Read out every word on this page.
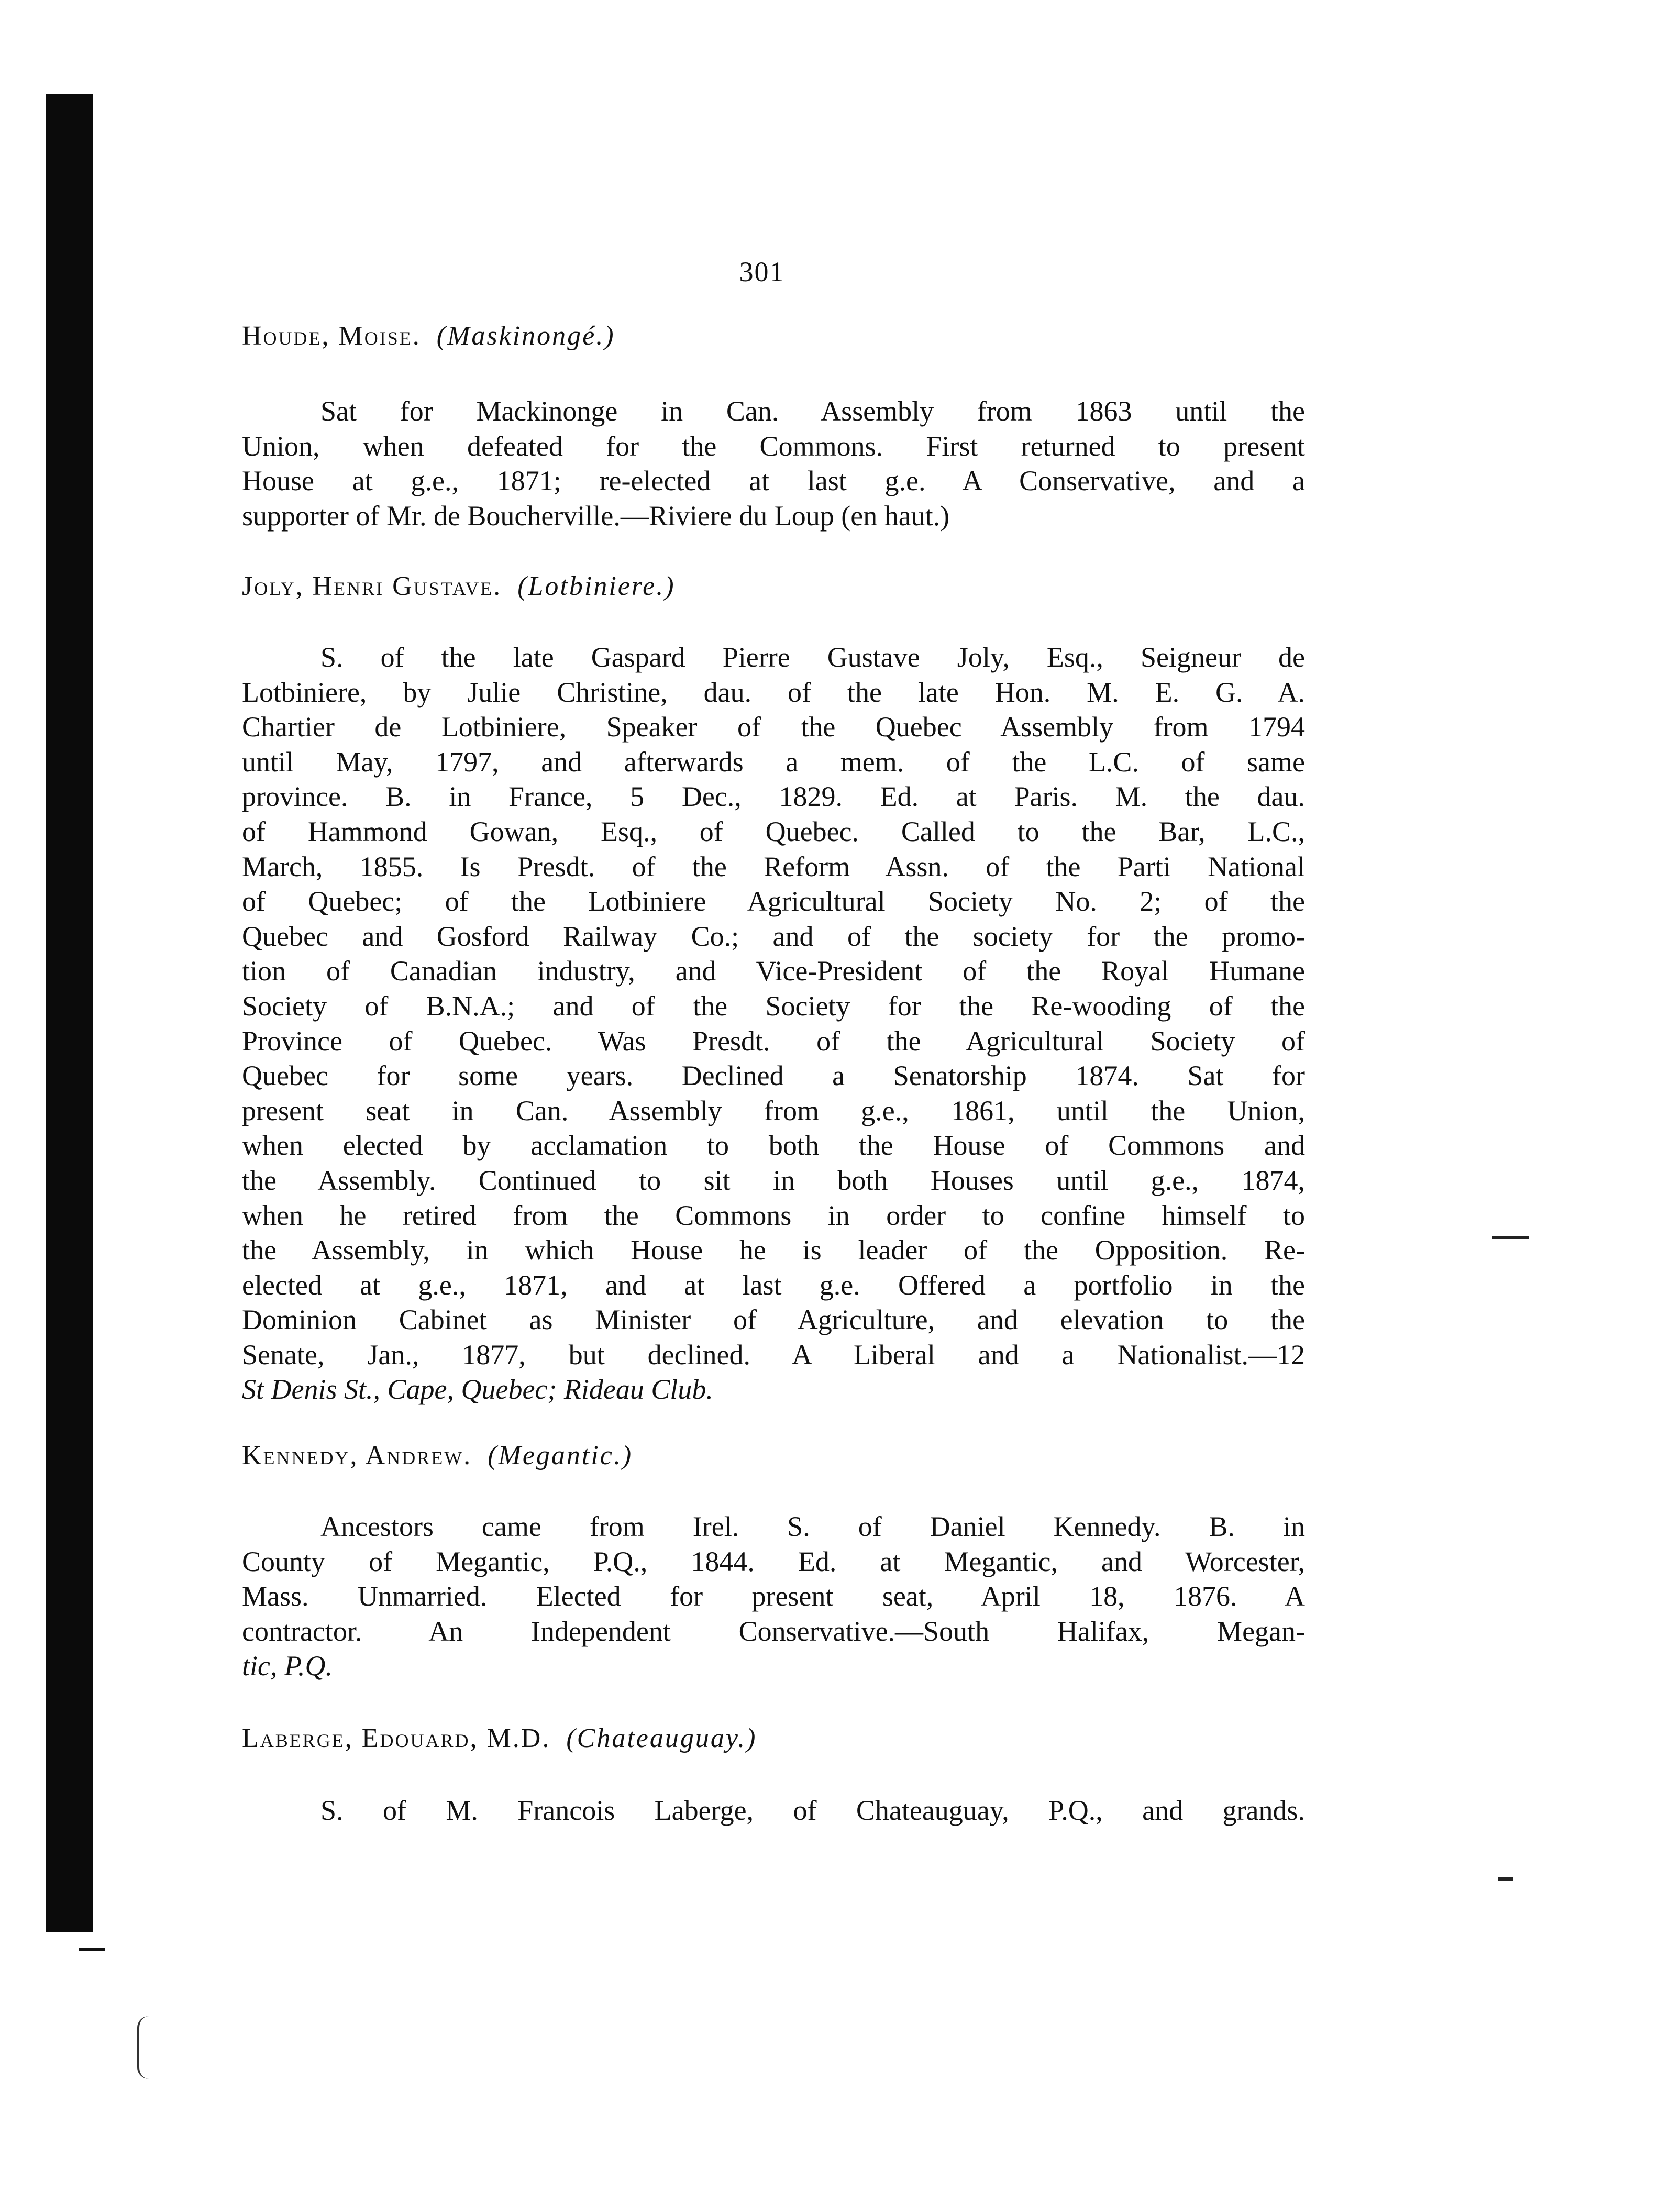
301
Houde, Moise. (Maskinongé.)
Sat for Mackinonge in Can. Assembly from 1863 until the
Union, when defeated for the Commons. First returned to present
House at g.e., 1871; re-elected at last g.e. A Conservative, and a
supporter of Mr. de Boucherville.—Riviere du Loup (en haut.)
Joly, Henri Gustave. (Lotbiniere.)
S. of the late Gaspard Pierre Gustave Joly, Esq., Seigneur de
Lotbiniere, by Julie Christine, dau. of the late Hon. M. E. G. A.
Chartier de Lotbiniere, Speaker of the Quebec Assembly from 1794
until May, 1797, and afterwards a mem. of the L.C. of same
province. B. in France, 5 Dec., 1829. Ed. at Paris. M. the dau.
of Hammond Gowan, Esq., of Quebec. Called to the Bar, L.C.,
March, 1855. Is Presdt. of the Reform Assn. of the Parti National
of Quebec; of the Lotbiniere Agricultural Society No. 2; of the
Quebec and Gosford Railway Co.; and of the society for the promo-
tion of Canadian industry, and Vice-President of the Royal Humane
Society of B.N.A.; and of the Society for the Re-wooding of the
Province of Quebec. Was Presdt. of the Agricultural Society of
Quebec for some years. Declined a Senatorship 1874. Sat for
present seat in Can. Assembly from g.e., 1861, until the Union,
when elected by acclamation to both the House of Commons and
the Assembly. Continued to sit in both Houses until g.e., 1874,
when he retired from the Commons in order to confine himself to
the Assembly, in which House he is leader of the Opposition. Re-
elected at g.e., 1871, and at last g.e. Offered a portfolio in the
Dominion Cabinet as Minister of Agriculture, and elevation to the
Senate, Jan., 1877, but declined. A Liberal and a Nationalist.—12
St Denis St., Cape, Quebec; Rideau Club.
Kennedy, Andrew. (Megantic.)
Ancestors came from Irel. S. of Daniel Kennedy. B. in
County of Megantic, P.Q., 1844. Ed. at Megantic, and Worcester,
Mass. Unmarried. Elected for present seat, April 18, 1876. A
contractor. An Independent Conservative.—South Halifax, Megan-
tic, P.Q.
Laberge, Edouard, M.D. (Chateauguay.)
S. of M. Francois Laberge, of Chateauguay, P.Q., and grands.
